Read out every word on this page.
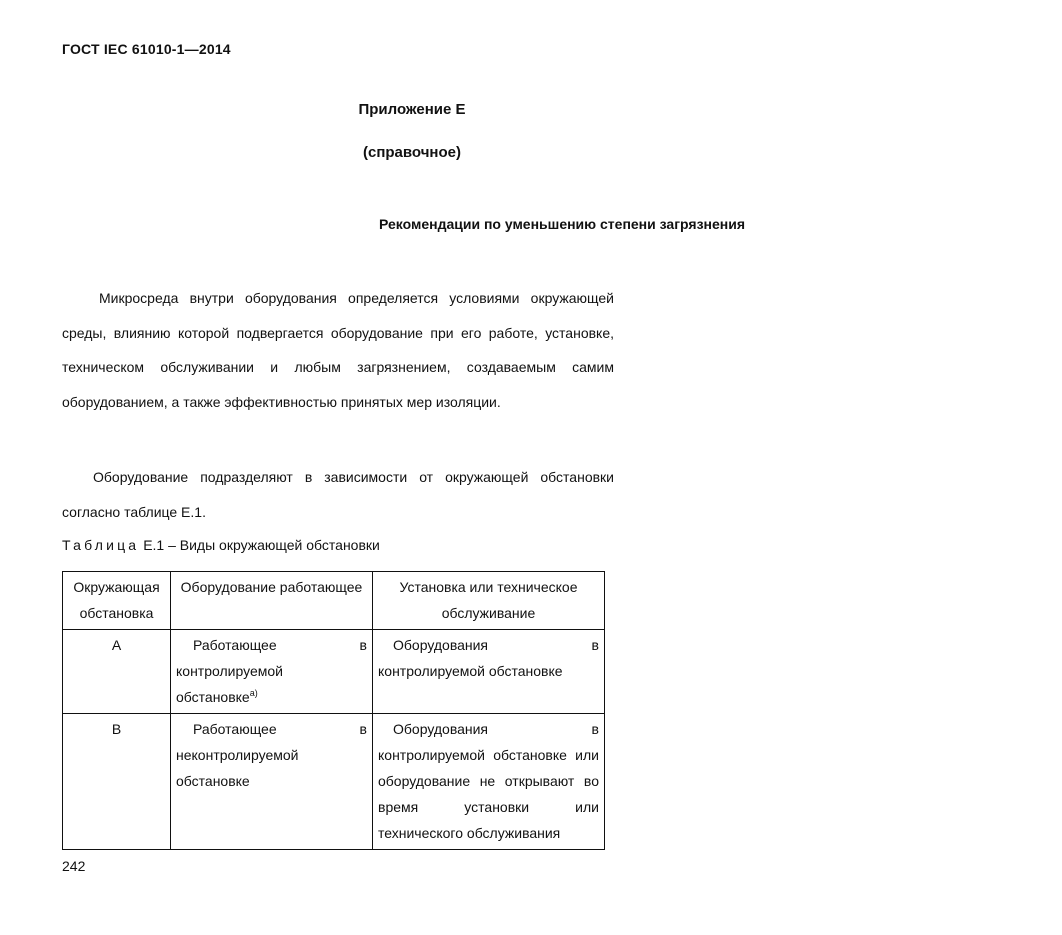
ГОСТ IEC 61010-1—2014
Приложение Е
(справочное)
Рекомендации по уменьшению степени загрязнения

Микросреда внутри оборудования определяется условиями окружающей среды, влиянию которой подвергается оборудование при его работе, установке, техническом обслуживании и любым загрязнением, создаваемым самим оборудованием, а также эффективностью принятых мер изоляции.

Оборудование подразделяют в зависимости от окружающей обстановки согласно таблице Е.1.

Таблица Е.1 – Виды окружающей обстановки
Окружающая обстановка	Оборудование работающее	Установка или техническое обслуживание
А	Работающее в контролируемой обстановке$^{а)}$	Оборудования в контролируемой обстановке
В	Работающее в неконтролируемой обстановке	Оборудования в контролируемой обстановке или оборудование не открывают во время установки или технического обслуживания
242
